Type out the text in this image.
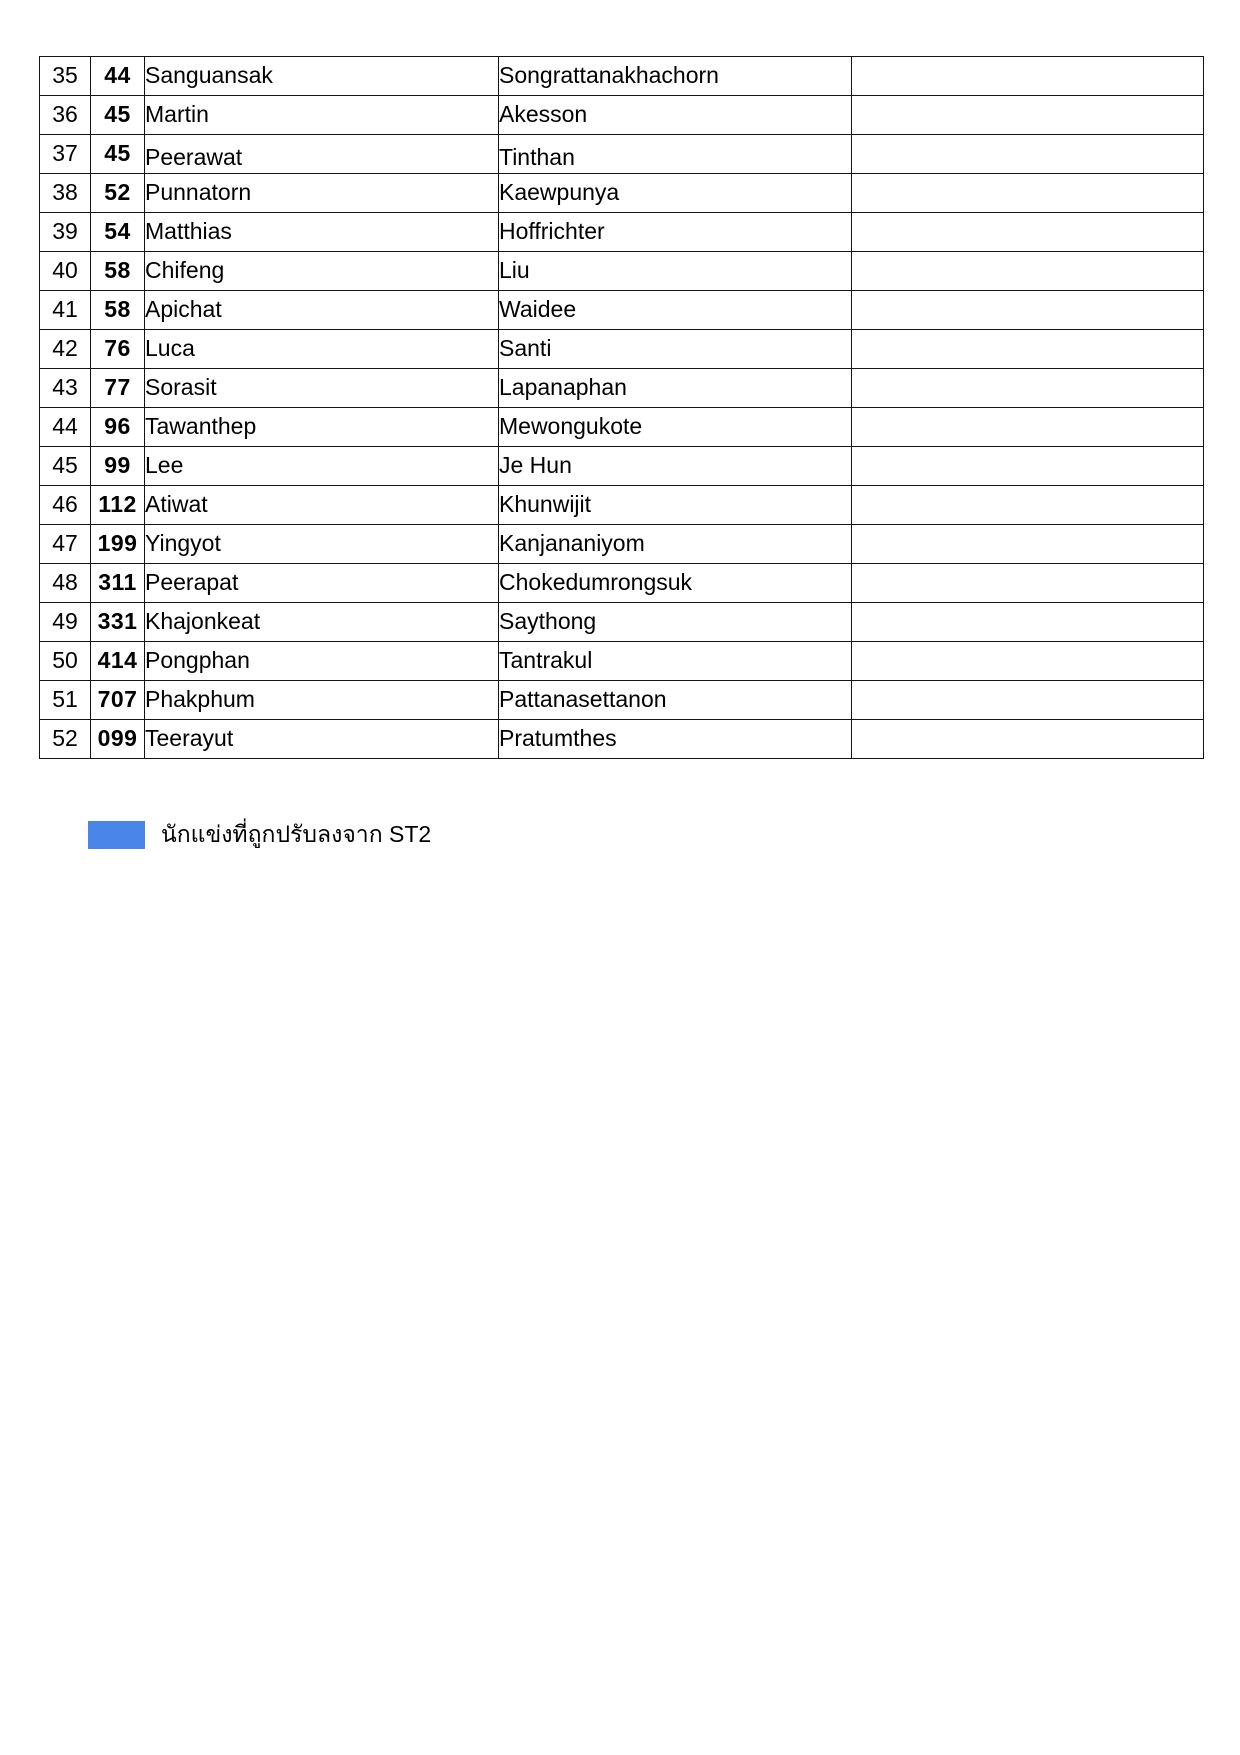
35	44	Sanguansak	Songrattanakhachorn	
36	45	Martin	Akesson	
37	45	Peerawat	Tinthan	
38	52	Punnatorn	Kaewpunya	
39	54	Matthias	Hoffrichter	
40	58	Chifeng	Liu	
41	58	Apichat	Waidee	
42	76	Luca	Santi	
43	77	Sorasit	Lapanaphan	
44	96	Tawanthep	Mewongukote	
45	99	Lee	Je Hun	
46	112	Atiwat	Khunwijit	
47	199	Yingyot	Kanjananiyom	
48	311	Peerapat	Chokedumrongsuk	
49	331	Khajonkeat	Saythong	
50	414	Pongphan	Tantrakul	
51	707	Phakphum	Pattanasettanon	
52	099	Teerayut	Pratumthes	
นักแข่งที่ถูกปรับลงจาก ST2
